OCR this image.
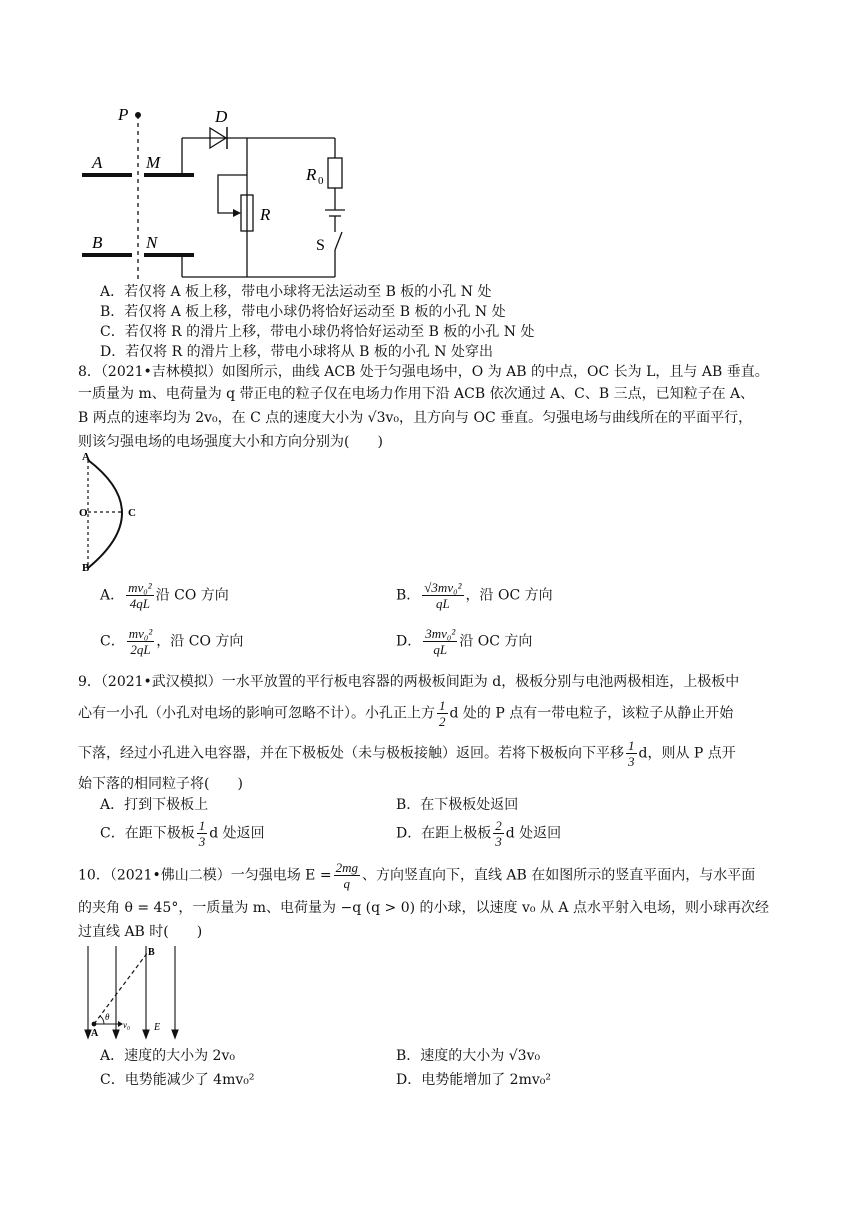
P	D
A	M
R 0
R
S
B	N
A．若仅将 A 板上移，带电小球将无法运动至 B 板的小孔 N 处
B．若仅将 A 板上移，带电小球仍将恰好运动至 B 板的小孔 N 处
C．若仅将 R 的滑片上移，带电小球仍将恰好运动至 B 板的小孔 N 处
D．若仅将 R 的滑片上移，带电小球将从 B 板的小孔 N 处穿出
8．（2021•吉林模拟）如图所示，曲线 ACB 处于匀强电场中，O 为 AB 的中点，OC 长为 L，且与 AB 垂直。
一质量为 m、电荷量为 q 带正电的粒子仅在电场力作用下沿 ACB 依次通过 A、C、B 三点，已知粒子在 A、
B 两点的速率均为 2v₀，在 C 点的速度大小为 √3v₀，且方向与 OC 垂直。匀强电场与曲线所在的平面平行，
则该匀强电场的电场强度大小和方向分别为(　　)
A
O	C
B
A． $\frac{\text{mv₀²}}{4qL}$ 沿 CO 方向	B． $\frac{\text{√3mv₀²}}{qL}$ ，沿 OC 方向
C． $\frac{\text{mv₀²}}{2qL}$ ，沿 CO 方向	D． $\frac{\text{3mv₀²}}{qL}$ 沿 OC 方向
9．（2021•武汉模拟）一水平放置的平行板电容器的两极板间距为 d，极板分别与电池两极相连，上极板中
心有一小孔（小孔对电场的影响可忽略不计）。小孔正上方 $\frac{1}{2}$ d 处的 P 点有一带电粒子，该粒子从静止开始
下落，经过小孔进入电容器，并在下极板处（未与极板接触）返回。若将下极板向下平移 $\frac{1}{3}$ d，则从 P 点开
始下落的相同粒子将(　　)
A．打到下极板上	B．在下极板处返回
C．在距下极板 $\frac{1}{3}$ d 处返回	D．在距上极板 $\frac{2}{3}$ d 处返回
10．（2021•佛山二模）一匀强电场 $E = \frac{2mg}{q}$ 、方向竖直向下，直线 AB 在如图所示的竖直平面内，与水平面
的夹角 θ = 45°，一质量为 m、电荷量为 −q (q > 0) 的小球，以速度 v₀ 从 A 点水平射入电场，则小球再次经
过直线 AB 时(　　)
B
A
θ
v₀ E
A．速度的大小为 2v₀	B．速度的大小为 √3v₀
C．电势能减少了 4mv₀²	D．电势能增加了 2mv₀²
